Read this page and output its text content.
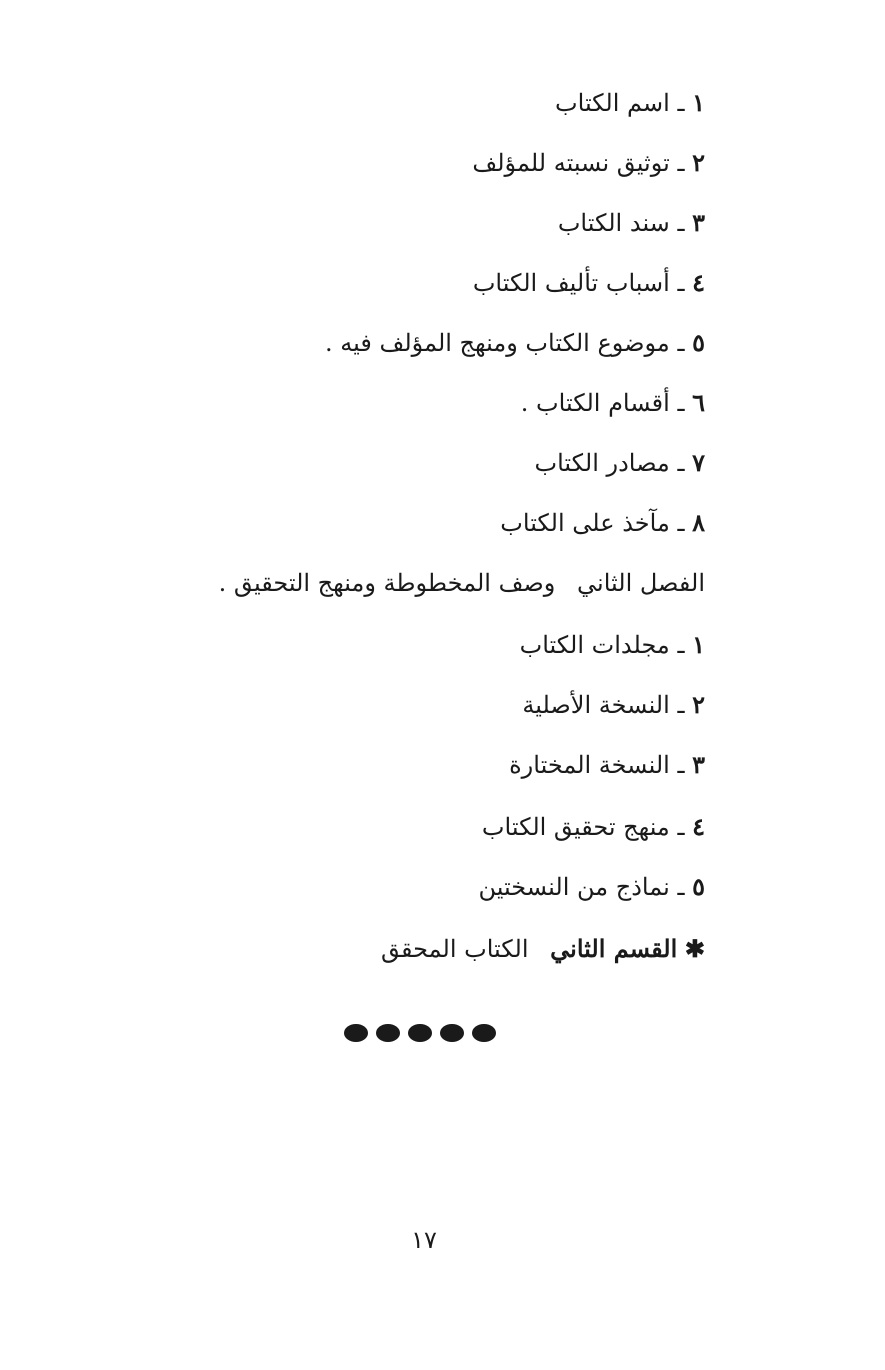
١ ـ اسم الكتاب
٢ ـ توثيق نسبته للمؤلف
٣ ـ سند الكتاب
٤ ـ أسباب تأليف الكتاب
٥ ـ موضوع الكتاب ومنهج المؤلف فيه .
٦ ـ أقسام الكتاب .
٧ ـ مصادر الكتاب
٨ ـ مآخذ على الكتاب
الفصل الثاني وصف المخطوطة ومنهج التحقيق .
١ ـ مجلدات الكتاب
٢ ـ النسخة الأصلية
٣ ـ النسخة المختارة
٤ ـ منهج تحقيق الكتاب
٥ ـ نماذج من النسختين
✱ القسم الثاني الكتاب المحقق
١٧
